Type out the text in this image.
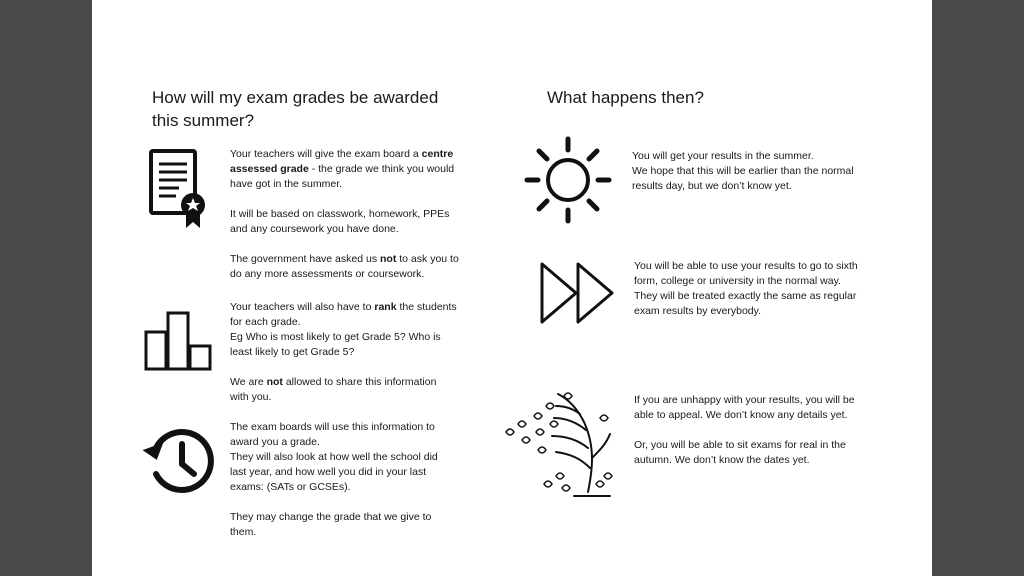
How will my exam grades be awarded
this summer?

Your teachers will give the exam board a centre

assessed grade - the grade we think you would

have got in the summer.

It will be based on classwork, homework, PPEs

and any coursework you have done.

The government have asked us not to ask you to

do any more assessments or coursework.

Your teachers will also have to rank the students

for each grade.

Eg Who is most likely to get Grade 5? Who is

least likely to get Grade 5?

We are not allowed to share this information

with you.

The exam boards will use this information to

award you a grade.

They will also look at how well the school did

last year, and how well you did in your last

exams: (SATs or GCSEs).

They may change the grade that we give to

them.

What happens then?

You will get your results in the summer.

We hope that this will be earlier than the normal

results day, but we don’t know yet.

You will be able to use your results to go to sixth

form, college or university in the normal way.

They will be treated exactly the same as regular

exam results by everybody.

If you are unhappy with your results, you will be

able to appeal. We don’t know any details yet.

Or, you will be able to sit exams for real in the

autumn. We don’t know the dates yet.
